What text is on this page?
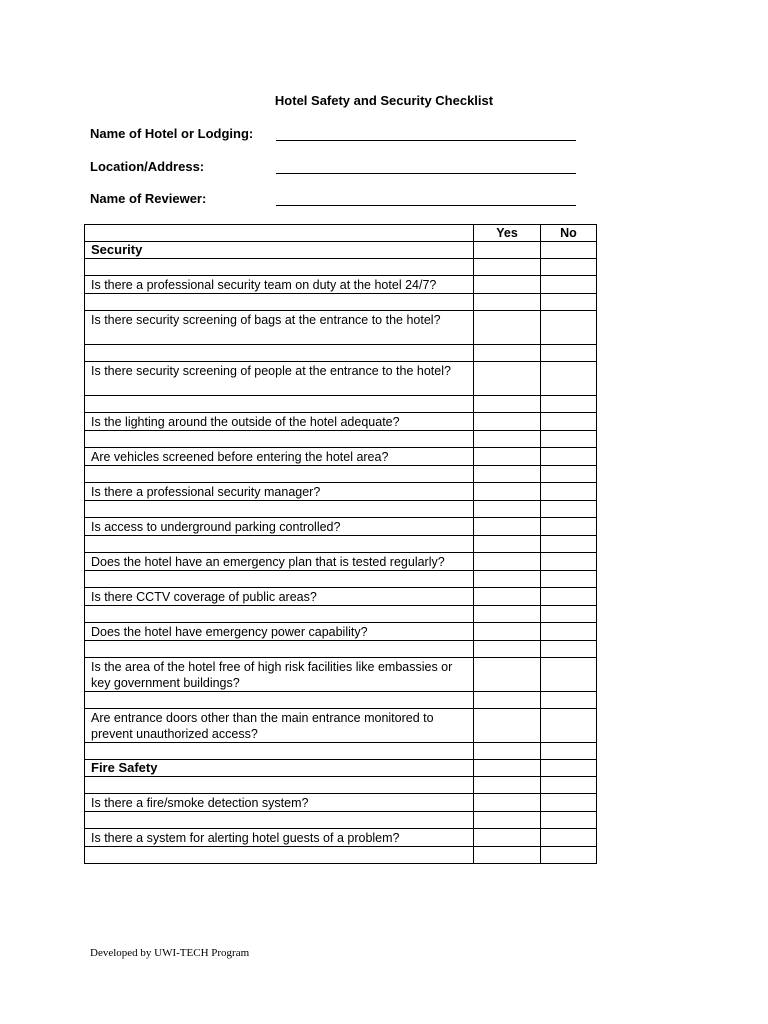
Hotel Safety and Security Checklist
Name of Hotel or Lodging:
Location/Address:
Name of Reviewer:
	Yes	No
Security		

Is there a professional security team on duty at the hotel 24/7?		

Is there security screening of bags at the entrance to the hotel?		

Is there security screening of people at the entrance to the hotel?		

Is the lighting around the outside of the hotel adequate?		

Are vehicles screened before entering the hotel area?		

Is there a professional security manager?		

Is access to underground parking controlled?		

Does the hotel have an emergency plan that is tested regularly?		

Is there CCTV coverage of public areas?		

Does the hotel have emergency power capability?		

Is the area of the hotel free of high risk facilities like embassies or key government buildings?		

Are entrance doors other than the main entrance monitored to prevent unauthorized access?		

Fire Safety		

Is there a fire/smoke detection system?		

Is there a system for alerting hotel guests of a problem?		

Developed by UWI-TECH Program
